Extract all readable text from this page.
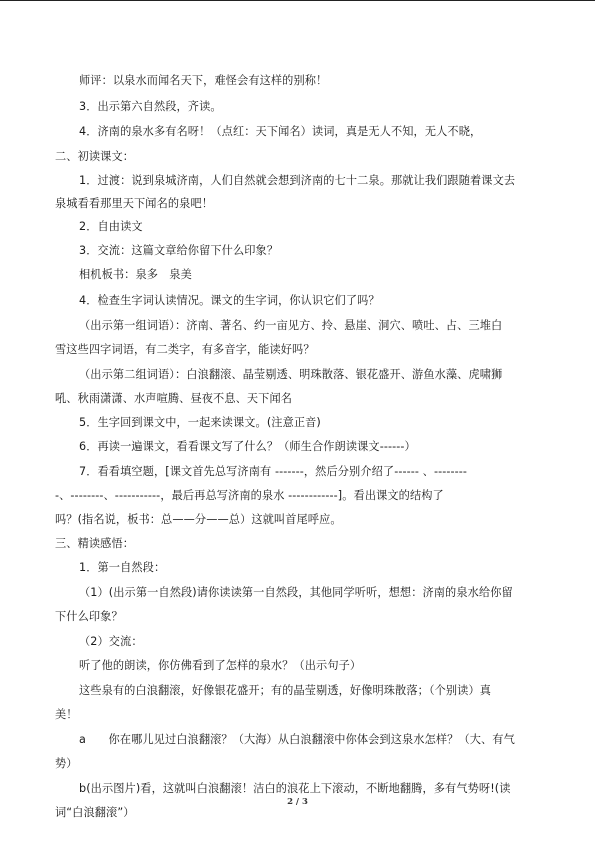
师评：以泉水而闻名天下，难怪会有这样的别称！
3．出示第六自然段，齐读。
4．济南的泉水多有名呀！（点红：天下闻名）读词，真是无人不知，无人不晓，
二、初读课文：
1．过渡：说到泉城济南，人们自然就会想到济南的七十二泉。那就让我们跟随着课文去
泉城看看那里天下闻名的泉吧！
2．自由读文
3．交流：这篇文章给你留下什么印象？
相机板书：泉多　泉美
4．检查生字词认读情况。课文的生字词，你认识它们了吗？
（出示第一组词语）：济南、著名、约一亩见方、拎、悬崖、洞穴、喷吐、占、三堆白
雪这些四字词语，有二类字，有多音字，能读好吗？
（出示第二组词语）：白浪翻滚、晶莹剔透、明珠散落、银花盛开、游鱼水藻、虎啸狮
吼、秋雨潇潇、水声喧腾、昼夜不息、天下闻名
5．生字回到课文中，一起来读课文。(注意正音)
6．再读一遍课文，看看课文写了什么？（师生合作朗读课文------）
7．看看填空题，[课文首先总写济南有 -------，然后分别介绍了------ 、--------
-、--------、-----------，最后再总写济南的泉水 ------------]。看出课文的结构了
吗？(指名说，板书：总——分——总）这就叫首尾呼应。
三、精读感悟：
1．第一自然段：
（1）(出示第一自然段)请你读读第一自然段，其他同学听听，想想：济南的泉水给你留
下什么印象？
（2）交流：
听了他的朗读，你仿佛看到了怎样的泉水？（出示句子）
这些泉有的白浪翻滚，好像银花盛开；有的晶莹剔透，好像明珠散落；（个别读）真
美！
a　　你在哪儿见过白浪翻滚？（大海）从白浪翻滚中你体会到这泉水怎样？（大、有气
势）
b(出示图片)看，这就叫白浪翻滚！洁白的浪花上下滚动，不断地翻腾，多有气势呀!(读
词“白浪翻滚”）
2 / 3
